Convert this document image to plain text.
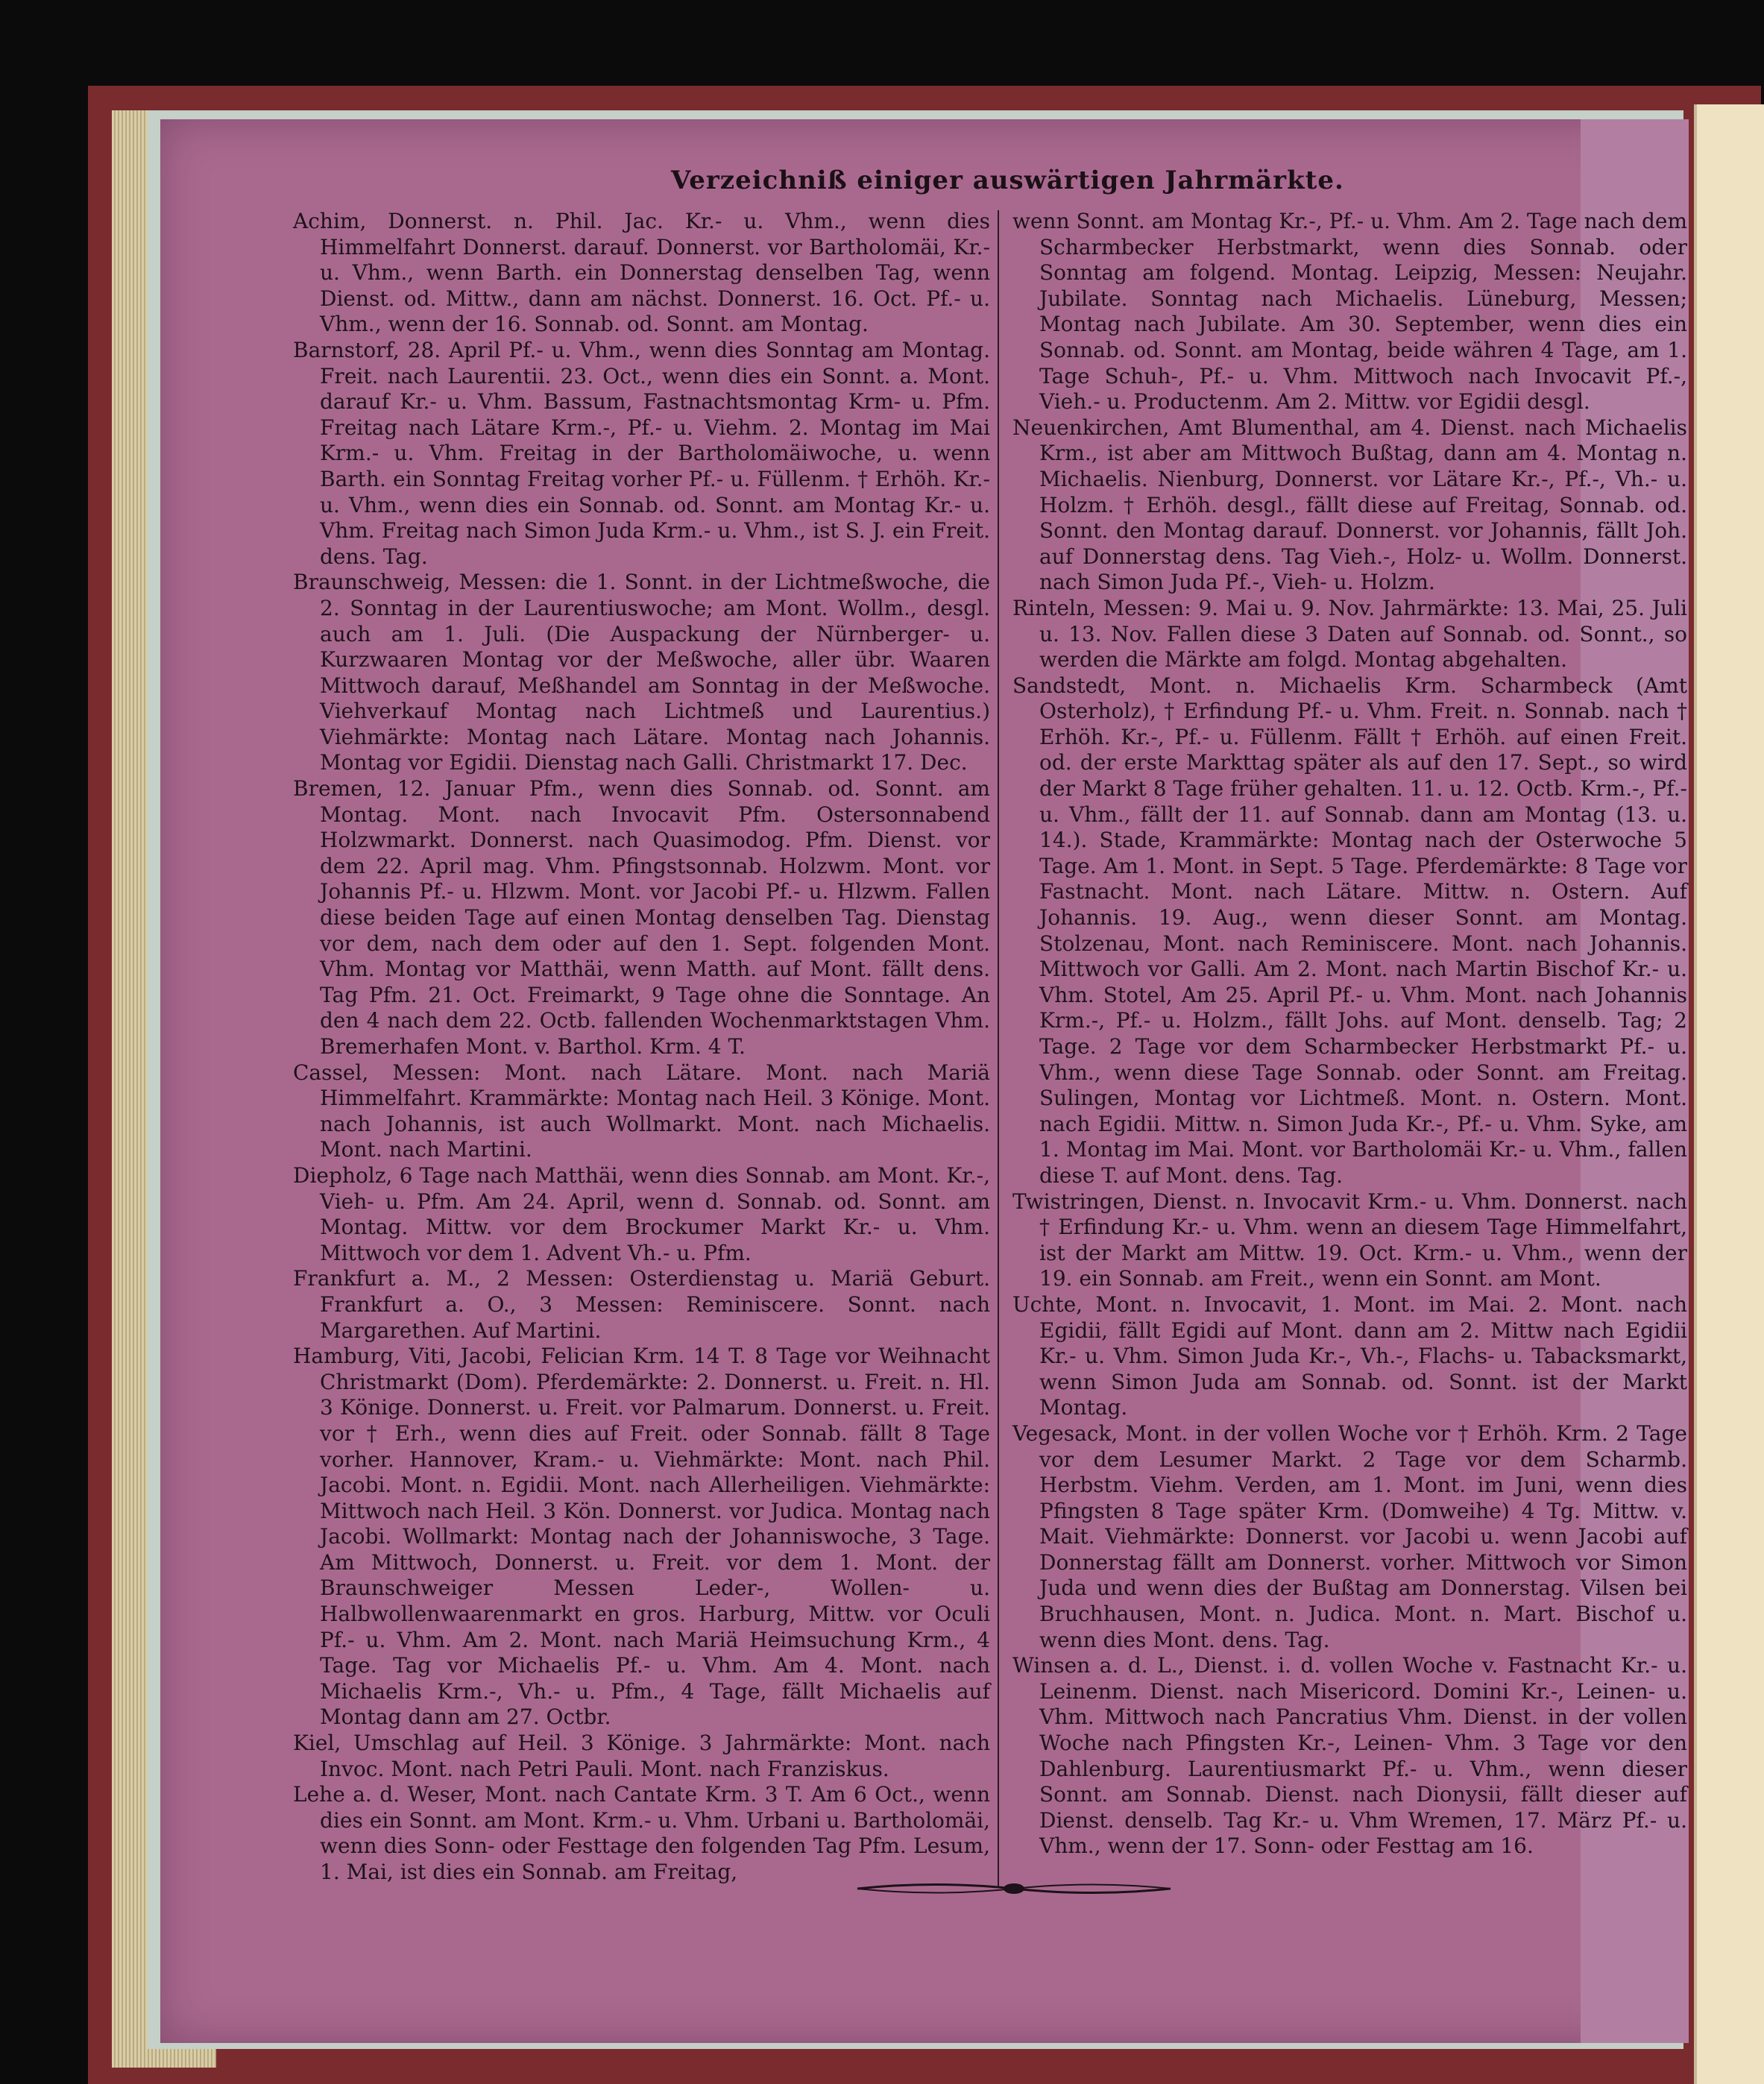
Verzeichniß einiger auswärtigen Jahrmärkte.

Achim, Donnerst. n. Phil. Jac. Kr.- u. Vhm., wenn dies Himmelfahrt Donnerst. darauf. Donnerst. vor Bartholomäi, Kr.- u. Vhm., wenn Barth. ein Donnerstag denselben Tag, wenn Dienst. od. Mittw., dann am nächst. Donnerst. 16. Oct. Pf.- u. Vhm., wenn der 16. Sonnab. od. Sonnt. am Montag.

Barnstorf, 28. April Pf.- u. Vhm., wenn dies Sonntag am Montag. Freit. nach Laurentii. 23. Oct., wenn dies ein Sonnt. a. Mont. darauf Kr.- u. Vhm. Bassum, Fastnachtsmontag Krm- u. Pfm. Freitag nach Lätare Krm.-, Pf.- u. Viehm. 2. Montag im Mai Krm.- u. Vhm. Freitag in der Bartholomäiwoche, u. wenn Barth. ein Sonntag Freitag vorher Pf.- u. Füllenm. † Erhöh. Kr.- u. Vhm., wenn dies ein Sonnab. od. Sonnt. am Montag Kr.- u. Vhm. Freitag nach Simon Juda Krm.- u. Vhm., ist S. J. ein Freit. dens. Tag.

Braunschweig, Messen: die 1. Sonnt. in der Lichtmeßwoche, die 2. Sonntag in der Laurentiuswoche; am Mont. Wollm., desgl. auch am 1. Juli. (Die Auspackung der Nürnberger- u. Kurzwaaren Montag vor der Meßwoche, aller übr. Waaren Mittwoch darauf, Meßhandel am Sonntag in der Meßwoche. Viehverkauf Montag nach Lichtmeß und Laurentius.) Viehmärkte: Montag nach Lätare. Montag nach Johannis. Montag vor Egidii. Dienstag nach Galli. Christmarkt 17. Dec.

Bremen, 12. Januar Pfm., wenn dies Sonnab. od. Sonnt. am Montag. Mont. nach Invocavit Pfm. Ostersonnabend Holzwmarkt. Donnerst. nach Quasimodog. Pfm. Dienst. vor dem 22. April mag. Vhm. Pfingstsonnab. Holzwm. Mont. vor Johannis Pf.- u. Hlzwm. Mont. vor Jacobi Pf.- u. Hlzwm. Fallen diese beiden Tage auf einen Montag denselben Tag. Dienstag vor dem, nach dem oder auf den 1. Sept. folgenden Mont. Vhm. Montag vor Matthäi, wenn Matth. auf Mont. fällt dens. Tag Pfm. 21. Oct. Freimarkt, 9 Tage ohne die Sonntage. An den 4 nach dem 22. Octb. fallenden Wochenmarktstagen Vhm. Bremerhafen Mont. v. Barthol. Krm. 4 T.

Cassel, Messen: Mont. nach Lätare. Mont. nach Mariä Himmelfahrt. Krammärkte: Montag nach Heil. 3 Könige. Mont. nach Johannis, ist auch Wollmarkt. Mont. nach Michaelis. Mont. nach Martini.

Diepholz, 6 Tage nach Matthäi, wenn dies Sonnab. am Mont. Kr.-, Vieh- u. Pfm. Am 24. April, wenn d. Sonnab. od. Sonnt. am Montag. Mittw. vor dem Brockumer Markt Kr.- u. Vhm. Mittwoch vor dem 1. Advent Vh.- u. Pfm.

Frankfurt a. M., 2 Messen: Osterdienstag u. Mariä Geburt. Frankfurt a. O., 3 Messen: Reminiscere. Sonnt. nach Margarethen. Auf Martini.

Hamburg, Viti, Jacobi, Felician Krm. 14 T. 8 Tage vor Weihnacht Christmarkt (Dom). Pferdemärkte: 2. Donnerst. u. Freit. n. Hl. 3 Könige. Donnerst. u. Freit. vor Palmarum. Donnerst. u. Freit. vor † Erh., wenn dies auf Freit. oder Sonnab. fällt 8 Tage vorher. Hannover, Kram.- u. Viehmärkte: Mont. nach Phil. Jacobi. Mont. n. Egidii. Mont. nach Allerheiligen. Viehmärkte: Mittwoch nach Heil. 3 Kön. Donnerst. vor Judica. Montag nach Jacobi. Wollmarkt: Montag nach der Johanniswoche, 3 Tage. Am Mittwoch, Donnerst. u. Freit. vor dem 1. Mont. der Braunschweiger Messen Leder-, Wollen- u. Halbwollenwaarenmarkt en gros. Harburg, Mittw. vor Oculi Pf.- u. Vhm. Am 2. Mont. nach Mariä Heimsuchung Krm., 4 Tage. Tag vor Michaelis Pf.- u. Vhm. Am 4. Mont. nach Michaelis Krm.-, Vh.- u. Pfm., 4 Tage, fällt Michaelis auf Montag dann am 27. Octbr.

Kiel, Umschlag auf Heil. 3 Könige. 3 Jahrmärkte: Mont. nach Invoc. Mont. nach Petri Pauli. Mont. nach Franziskus.

Lehe a. d. Weser, Mont. nach Cantate Krm. 3 T. Am 6 Oct., wenn dies ein Sonnt. am Mont. Krm.- u. Vhm. Urbani u. Bartholomäi, wenn dies Sonn- oder Festtage den folgenden Tag Pfm. Lesum, 1. Mai, ist dies ein Sonnab. am Freitag,

wenn Sonnt. am Montag Kr.-, Pf.- u. Vhm. Am 2. Tage nach dem Scharmbecker Herbstmarkt, wenn dies Sonnab. oder Sonntag am folgend. Montag. Leipzig, Messen: Neujahr. Jubilate. Sonntag nach Michaelis. Lüneburg, Messen; Montag nach Jubilate. Am 30. September, wenn dies ein Sonnab. od. Sonnt. am Montag, beide währen 4 Tage, am 1. Tage Schuh-, Pf.- u. Vhm. Mittwoch nach Invocavit Pf.-, Vieh.- u. Productenm. Am 2. Mittw. vor Egidii desgl.

Neuenkirchen, Amt Blumenthal, am 4. Dienst. nach Michaelis Krm., ist aber am Mittwoch Bußtag, dann am 4. Montag n. Michaelis. Nienburg, Donnerst. vor Lätare Kr.-, Pf.-, Vh.- u. Holzm. † Erhöh. desgl., fällt diese auf Freitag, Sonnab. od. Sonnt. den Montag darauf. Donnerst. vor Johannis, fällt Joh. auf Donnerstag dens. Tag Vieh.-, Holz- u. Wollm. Donnerst. nach Simon Juda Pf.-, Vieh- u. Holzm.

Rinteln, Messen: 9. Mai u. 9. Nov. Jahrmärkte: 13. Mai, 25. Juli u. 13. Nov. Fallen diese 3 Daten auf Sonnab. od. Sonnt., so werden die Märkte am folgd. Montag abgehalten.

Sandstedt, Mont. n. Michaelis Krm. Scharmbeck (Amt Osterholz), † Erfindung Pf.- u. Vhm. Freit. n. Sonnab. nach † Erhöh. Kr.-, Pf.- u. Füllenm. Fällt † Erhöh. auf einen Freit. od. der erste Markttag später als auf den 17. Sept., so wird der Markt 8 Tage früher gehalten. 11. u. 12. Octb. Krm.-, Pf.- u. Vhm., fällt der 11. auf Sonnab. dann am Montag (13. u. 14.). Stade, Krammärkte: Montag nach der Osterwoche 5 Tage. Am 1. Mont. in Sept. 5 Tage. Pferdemärkte: 8 Tage vor Fastnacht. Mont. nach Lätare. Mittw. n. Ostern. Auf Johannis. 19. Aug., wenn dieser Sonnt. am Montag. Stolzenau, Mont. nach Reminiscere. Mont. nach Johannis. Mittwoch vor Galli. Am 2. Mont. nach Martin Bischof Kr.- u. Vhm. Stotel, Am 25. April Pf.- u. Vhm. Mont. nach Johannis Krm.-, Pf.- u. Holzm., fällt Johs. auf Mont. denselb. Tag; 2 Tage. 2 Tage vor dem Scharmbecker Herbstmarkt Pf.- u. Vhm., wenn diese Tage Sonnab. oder Sonnt. am Freitag. Sulingen, Montag vor Lichtmeß. Mont. n. Ostern. Mont. nach Egidii. Mittw. n. Simon Juda Kr.-, Pf.- u. Vhm. Syke, am 1. Montag im Mai. Mont. vor Bartholomäi Kr.- u. Vhm., fallen diese T. auf Mont. dens. Tag.

Twistringen, Dienst. n. Invocavit Krm.- u. Vhm. Donnerst. nach † Erfindung Kr.- u. Vhm. wenn an diesem Tage Himmelfahrt, ist der Markt am Mittw. 19. Oct. Krm.- u. Vhm., wenn der 19. ein Sonnab. am Freit., wenn ein Sonnt. am Mont.

Uchte, Mont. n. Invocavit, 1. Mont. im Mai. 2. Mont. nach Egidii, fällt Egidi auf Mont. dann am 2. Mittw nach Egidii Kr.- u. Vhm. Simon Juda Kr.-, Vh.-, Flachs- u. Tabacksmarkt, wenn Simon Juda am Sonnab. od. Sonnt. ist der Markt Montag.

Vegesack, Mont. in der vollen Woche vor † Erhöh. Krm. 2 Tage vor dem Lesumer Markt. 2 Tage vor dem Scharmb. Herbstm. Viehm. Verden, am 1. Mont. im Juni, wenn dies Pfingsten 8 Tage später Krm. (Domweihe) 4 Tg. Mittw. v. Mait. Viehmärkte: Donnerst. vor Jacobi u. wenn Jacobi auf Donnerstag fällt am Donnerst. vorher. Mittwoch vor Simon Juda und wenn dies der Bußtag am Donnerstag. Vilsen bei Bruchhausen, Mont. n. Judica. Mont. n. Mart. Bischof u. wenn dies Mont. dens. Tag.

Winsen a. d. L., Dienst. i. d. vollen Woche v. Fastnacht Kr.- u. Leinenm. Dienst. nach Misericord. Domini Kr.-, Leinen- u. Vhm. Mittwoch nach Pancratius Vhm. Dienst. in der vollen Woche nach Pfingsten Kr.-, Leinen- Vhm. 3 Tage vor den Dahlenburg. Laurentiusmarkt Pf.- u. Vhm., wenn dieser Sonnt. am Sonnab. Dienst. nach Dionysii, fällt dieser auf Dienst. denselb. Tag Kr.- u. Vhm Wremen, 17. März Pf.- u. Vhm., wenn der 17. Sonn- oder Festtag am 16.
